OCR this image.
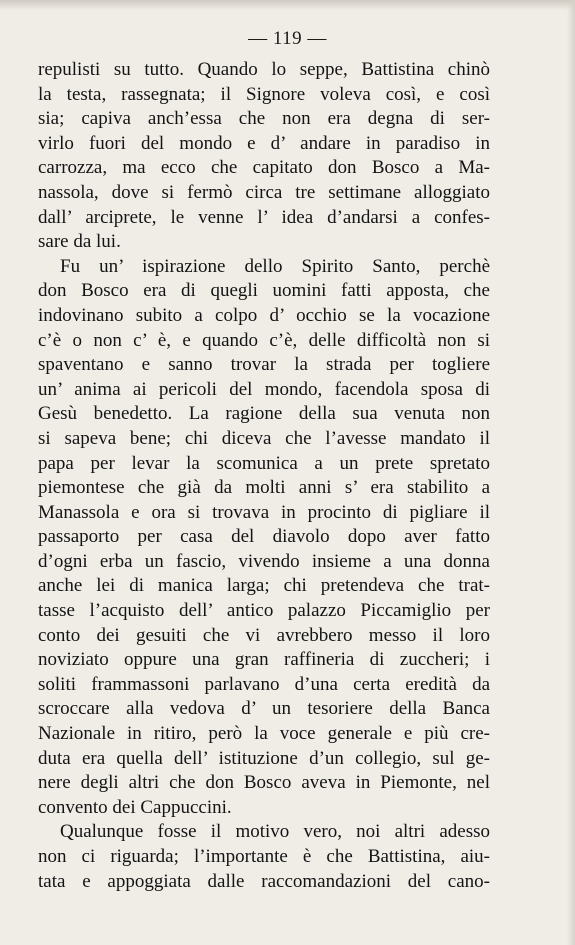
— 119 —

repulisti su tutto. Quando lo seppe, Battistina chinò
la testa, rassegnata; il Signore voleva così, e così
sia; capiva anch’essa che non era degna di ser-
virlo fuori del mondo e d’ andare in paradiso in
carrozza, ma ecco che capitato don Bosco a Ma-
nassola, dove si fermò circa tre settimane alloggiato
dall’ arciprete, le venne l’ idea d’andarsi a confes-
sare da lui.

Fu un’ ispirazione dello Spirito Santo, perchè
don Bosco era di quegli uomini fatti apposta, che
indovinano subito a colpo d’ occhio se la vocazione
c’è o non c’ è, e quando c’è, delle difficoltà non si
spaventano e sanno trovar la strada per togliere
un’ anima ai pericoli del mondo, facendola sposa di
Gesù benedetto. La ragione della sua venuta non
si sapeva bene; chi diceva che l’avesse mandato il
papa per levar la scomunica a un prete spretato
piemontese che già da molti anni s’ era stabilito a
Manassola e ora si trovava in procinto di pigliare il
passaporto per casa del diavolo dopo aver fatto
d’ogni erba un fascio, vivendo insieme a una donna
anche lei di manica larga; chi pretendeva che trat-
tasse l’acquisto dell’ antico palazzo Piccamiglio per
conto dei gesuiti che vi avrebbero messo il loro
noviziato oppure una gran raffineria di zuccheri; i
soliti frammassoni parlavano d’una certa eredità da
scroccare alla vedova d’ un tesoriere della Banca
Nazionale in ritiro, però la voce generale e più cre-
duta era quella dell’ istituzione d’un collegio, sul ge-
nere degli altri che don Bosco aveva in Piemonte, nel
convento dei Cappuccini.

Qualunque fosse il motivo vero, noi altri adesso
non ci riguarda; l’importante è che Battistina, aiu-
tata e appoggiata dalle raccomandazioni del cano-
